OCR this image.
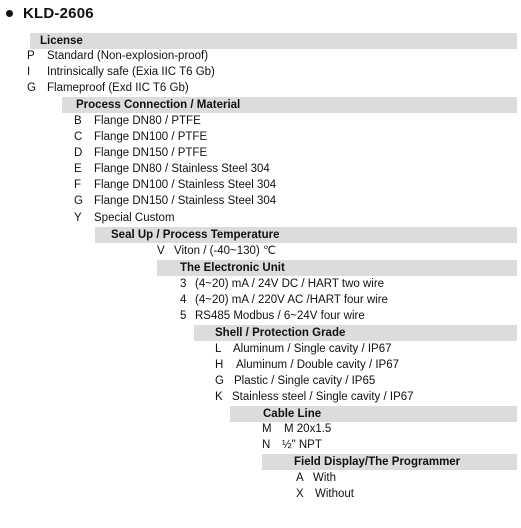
KLD-2606
License
P Standard (Non-explosion-proof)
I Intrinsically safe (Exia IIC T6 Gb)
G Flameproof (Exd IIC T6 Gb)
Process Connection / Material
B Flange DN80 / PTFE
C Flange DN100 / PTFE
D Flange DN150 / PTFE
E Flange DN80 / Stainless Steel 304
F Flange DN100 / Stainless Steel 304
G Flange DN150 / Stainless Steel 304
Y Special Custom
Seal Up / Process Temperature
V Viton / (-40~130) ℃
The Electronic Unit
3 (4~20) mA / 24V DC / HART two wire
4 (4~20) mA / 220V AC /HART four wire
5 RS485 Modbus / 6~24V four wire
Shell / Protection Grade
L Aluminum / Single cavity / IP67
H Aluminum / Double cavity / IP67
G Plastic / Single cavity / IP65
K Stainless steel / Single cavity / IP67
Cable Line
M M 20x1.5
N ½" NPT
Field Display/The Programmer
A With
X Without
